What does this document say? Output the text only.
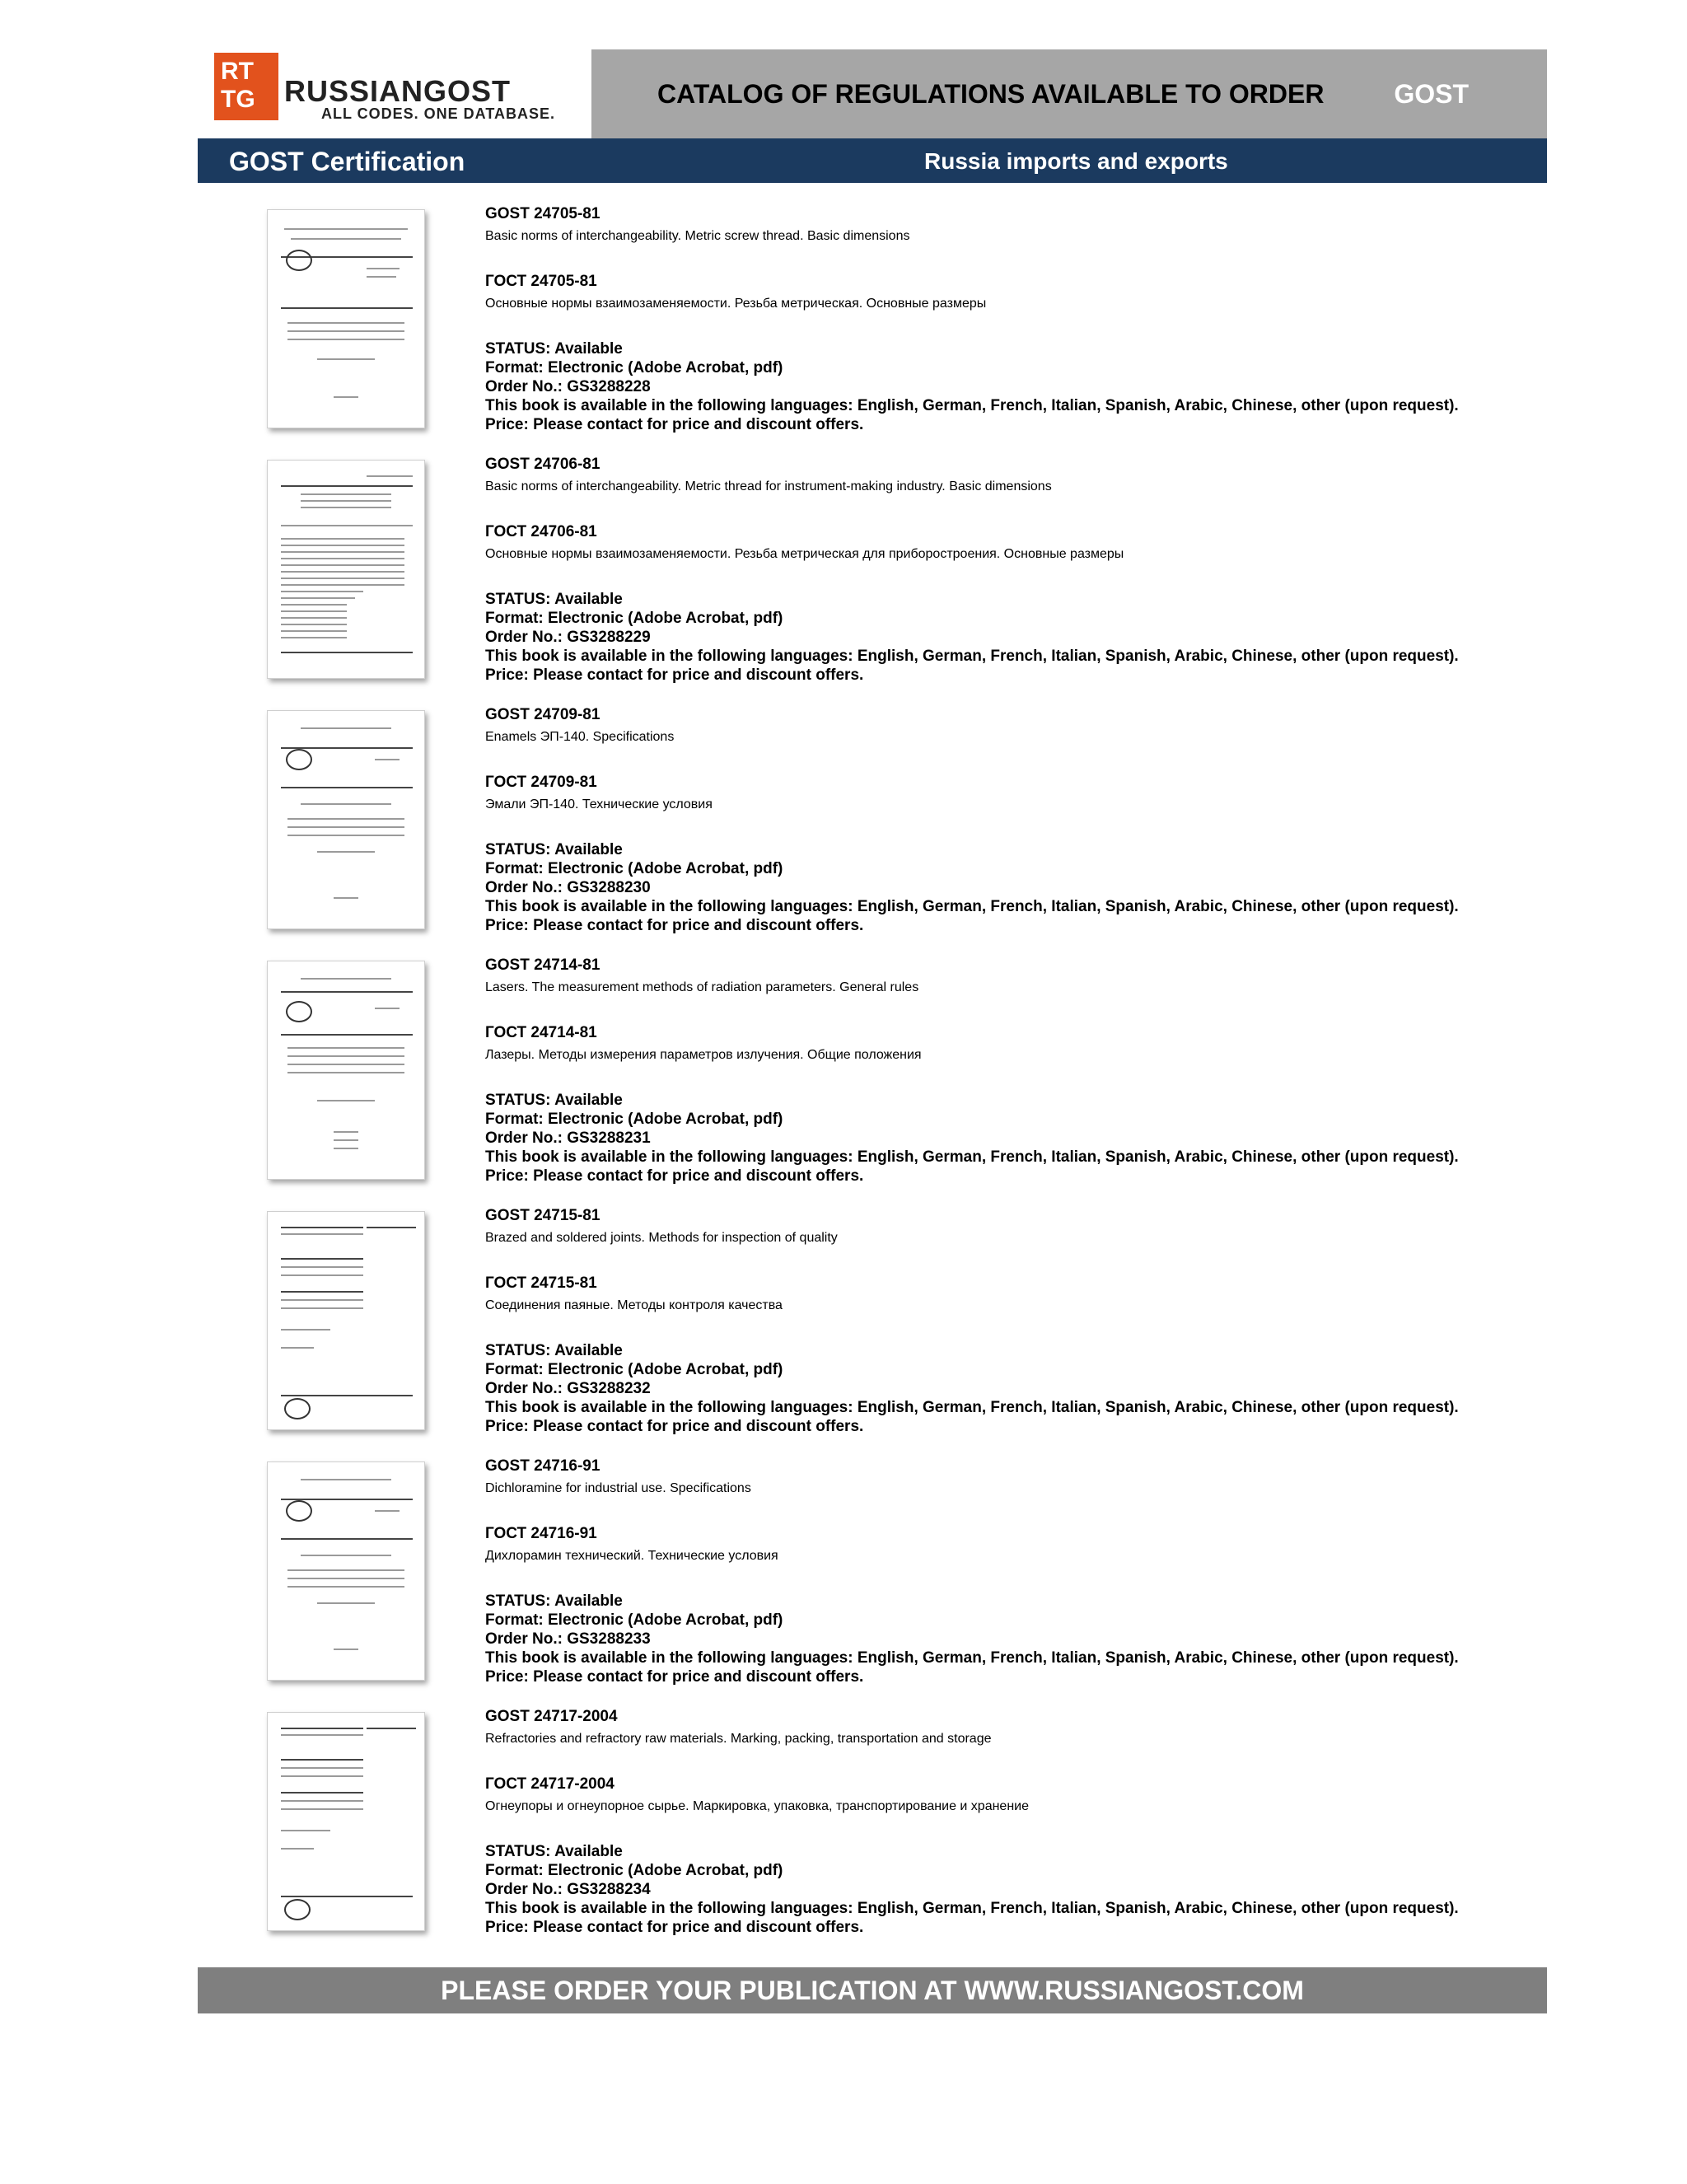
RT
TG RUSSIANGOST
ALL CODES. ONE DATABASE.
CATALOG OF REGULATIONS AVAILABLE TO ORDER	GOST
GOST Certification	Russia imports and exports
GOST 24705-81
Basic norms of interchangeability. Metric screw thread. Basic dimensions
ГОСТ 24705-81
Основные нормы взаимозаменяемости. Резьба метрическая. Основные размеры
STATUS: Available
Format: Electronic (Adobe Acrobat, pdf)
Order No.: GS3288228
This book is available in the following languages: English, German, French, Italian, Spanish, Arabic, Chinese, other (upon request).
Price: Please contact for price and discount offers.
GOST 24706-81
Basic norms of interchangeability. Metric thread for instrument-making industry. Basic dimensions
ГОСТ 24706-81
Основные нормы взаимозаменяемости. Резьба метрическая для приборостроения. Основные размеры
STATUS: Available
Format: Electronic (Adobe Acrobat, pdf)
Order No.: GS3288229
This book is available in the following languages: English, German, French, Italian, Spanish, Arabic, Chinese, other (upon request).
Price: Please contact for price and discount offers.
GOST 24709-81
Enamels ЭП-140. Specifications
ГОСТ 24709-81
Эмали ЭП-140. Технические условия
STATUS: Available
Format: Electronic (Adobe Acrobat, pdf)
Order No.: GS3288230
This book is available in the following languages: English, German, French, Italian, Spanish, Arabic, Chinese, other (upon request).
Price: Please contact for price and discount offers.
GOST 24714-81
Lasers. The measurement methods of radiation parameters. General rules
ГОСТ 24714-81
Лазеры. Методы измерения параметров излучения. Общие положения
STATUS: Available
Format: Electronic (Adobe Acrobat, pdf)
Order No.: GS3288231
This book is available in the following languages: English, German, French, Italian, Spanish, Arabic, Chinese, other (upon request).
Price: Please contact for price and discount offers.
GOST 24715-81
Brazed and soldered joints. Methods for inspection of quality
ГОСТ 24715-81
Соединения паяные. Методы контроля качества
STATUS: Available
Format: Electronic (Adobe Acrobat, pdf)
Order No.: GS3288232
This book is available in the following languages: English, German, French, Italian, Spanish, Arabic, Chinese, other (upon request).
Price: Please contact for price and discount offers.
GOST 24716-91
Dichloramine for industrial use. Specifications
ГОСТ 24716-91
Дихлорамин технический. Технические условия
STATUS: Available
Format: Electronic (Adobe Acrobat, pdf)
Order No.: GS3288233
This book is available in the following languages: English, German, French, Italian, Spanish, Arabic, Chinese, other (upon request).
Price: Please contact for price and discount offers.
GOST 24717-2004
Refractories and refractory raw materials. Marking, packing, transportation and storage
ГОСТ 24717-2004
Огнеупоры и огнеупорное сырье. Маркировка, упаковка, транспортирование и хранение
STATUS: Available
Format: Electronic (Adobe Acrobat, pdf)
Order No.: GS3288234
This book is available in the following languages: English, German, French, Italian, Spanish, Arabic, Chinese, other (upon request).
Price: Please contact for price and discount offers.
PLEASE ORDER YOUR PUBLICATION AT WWW.RUSSIANGOST.COM
